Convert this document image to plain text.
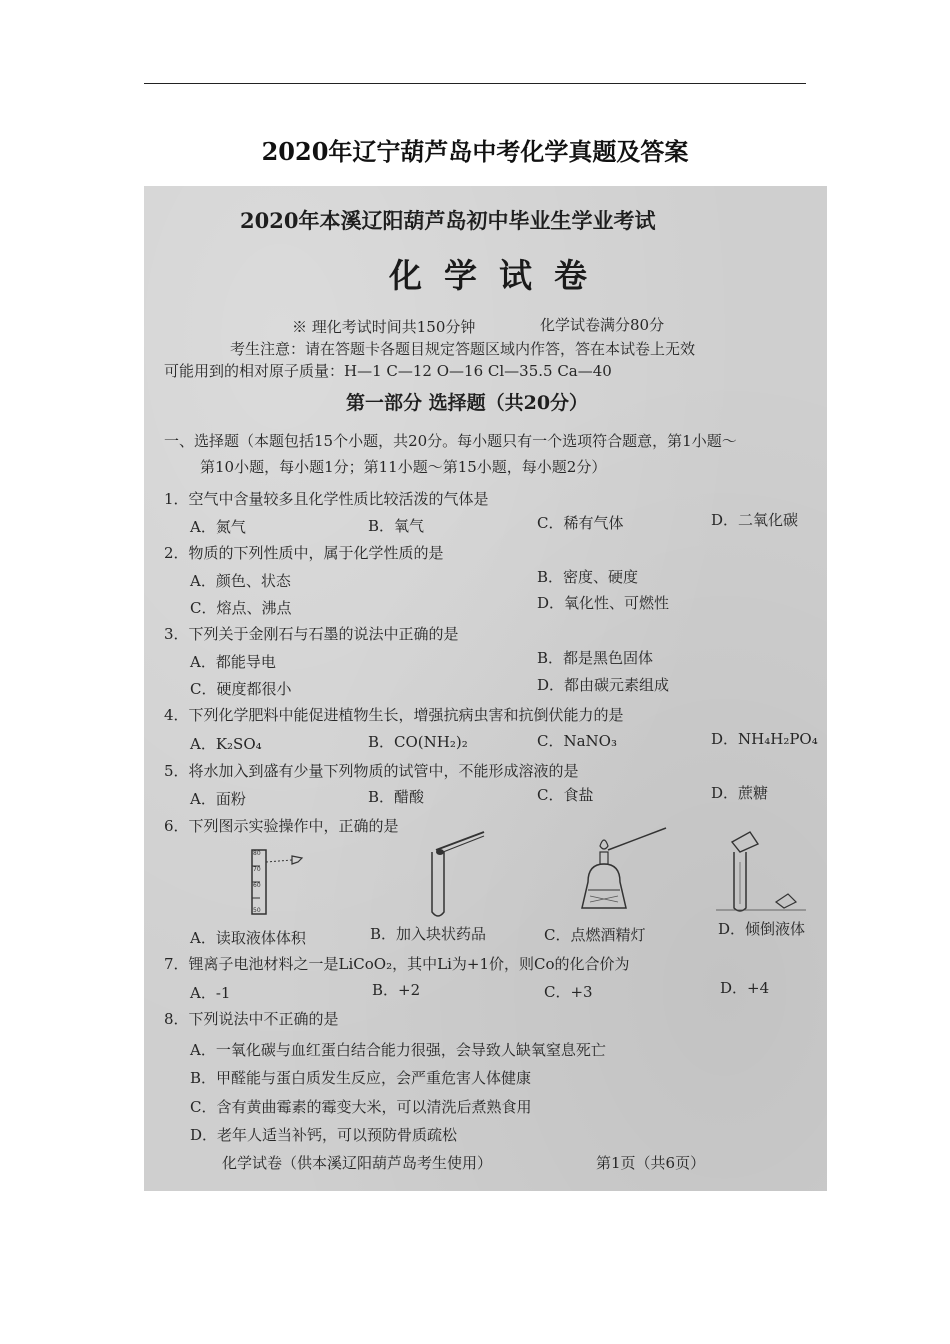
2020年辽宁葫芦岛中考化学真题及答案
2020年本溪辽阳葫芦岛初中毕业生学业考试
化学试卷
※ 理化考试时间共150分钟	化学试卷满分80分
考生注意：请在答题卡各题目规定答题区域内作答，答在本试卷上无效
可能用到的相对原子质量：H—1 C—12 O—16 Cl—35.5 Ca—40
第一部分 选择题（共20分）
一、选择题（本题包括15个小题，共20分。每小题只有一个选项符合题意，第1小题～
第10小题，每小题1分；第11小题～第15小题，每小题2分）
1．空气中含量较多且化学性质比较活泼的气体是
A．氮气	B．氧气	C．稀有气体	D．二氧化碳
2．物质的下列性质中，属于化学性质的是
A．颜色、状态	B．密度、硬度
C．熔点、沸点	D．氧化性、可燃性
3．下列关于金刚石与石墨的说法中正确的是
A．都能导电	B．都是黑色固体
C．硬度都很小	D．都由碳元素组成
4．下列化学肥料中能促进植物生长，增强抗病虫害和抗倒伏能力的是
A．K₂SO₄	B．CO(NH₂)₂	C．NaNO₃	D．NH₄H₂PO₄
5．将水加入到盛有少量下列物质的试管中，不能形成溶液的是
A．面粉	B．醋酸	C．食盐	D．蔗糖
6．下列图示实验操作中，正确的是
80
70
60
50
A．读取液体体积	B．加入块状药品	C．点燃酒精灯	D．倾倒液体
7．锂离子电池材料之一是LiCoO₂，其中Li为+1价，则Co的化合价为
A．-1	B．+2	C．+3	D．+4
8．下列说法中不正确的是
A．一氧化碳与血红蛋白结合能力很强，会导致人缺氧窒息死亡
B．甲醛能与蛋白质发生反应，会严重危害人体健康
C．含有黄曲霉素的霉变大米，可以清洗后煮熟食用
D．老年人适当补钙，可以预防骨质疏松
化学试卷（供本溪辽阳葫芦岛考生使用）	第1页（共6页）
